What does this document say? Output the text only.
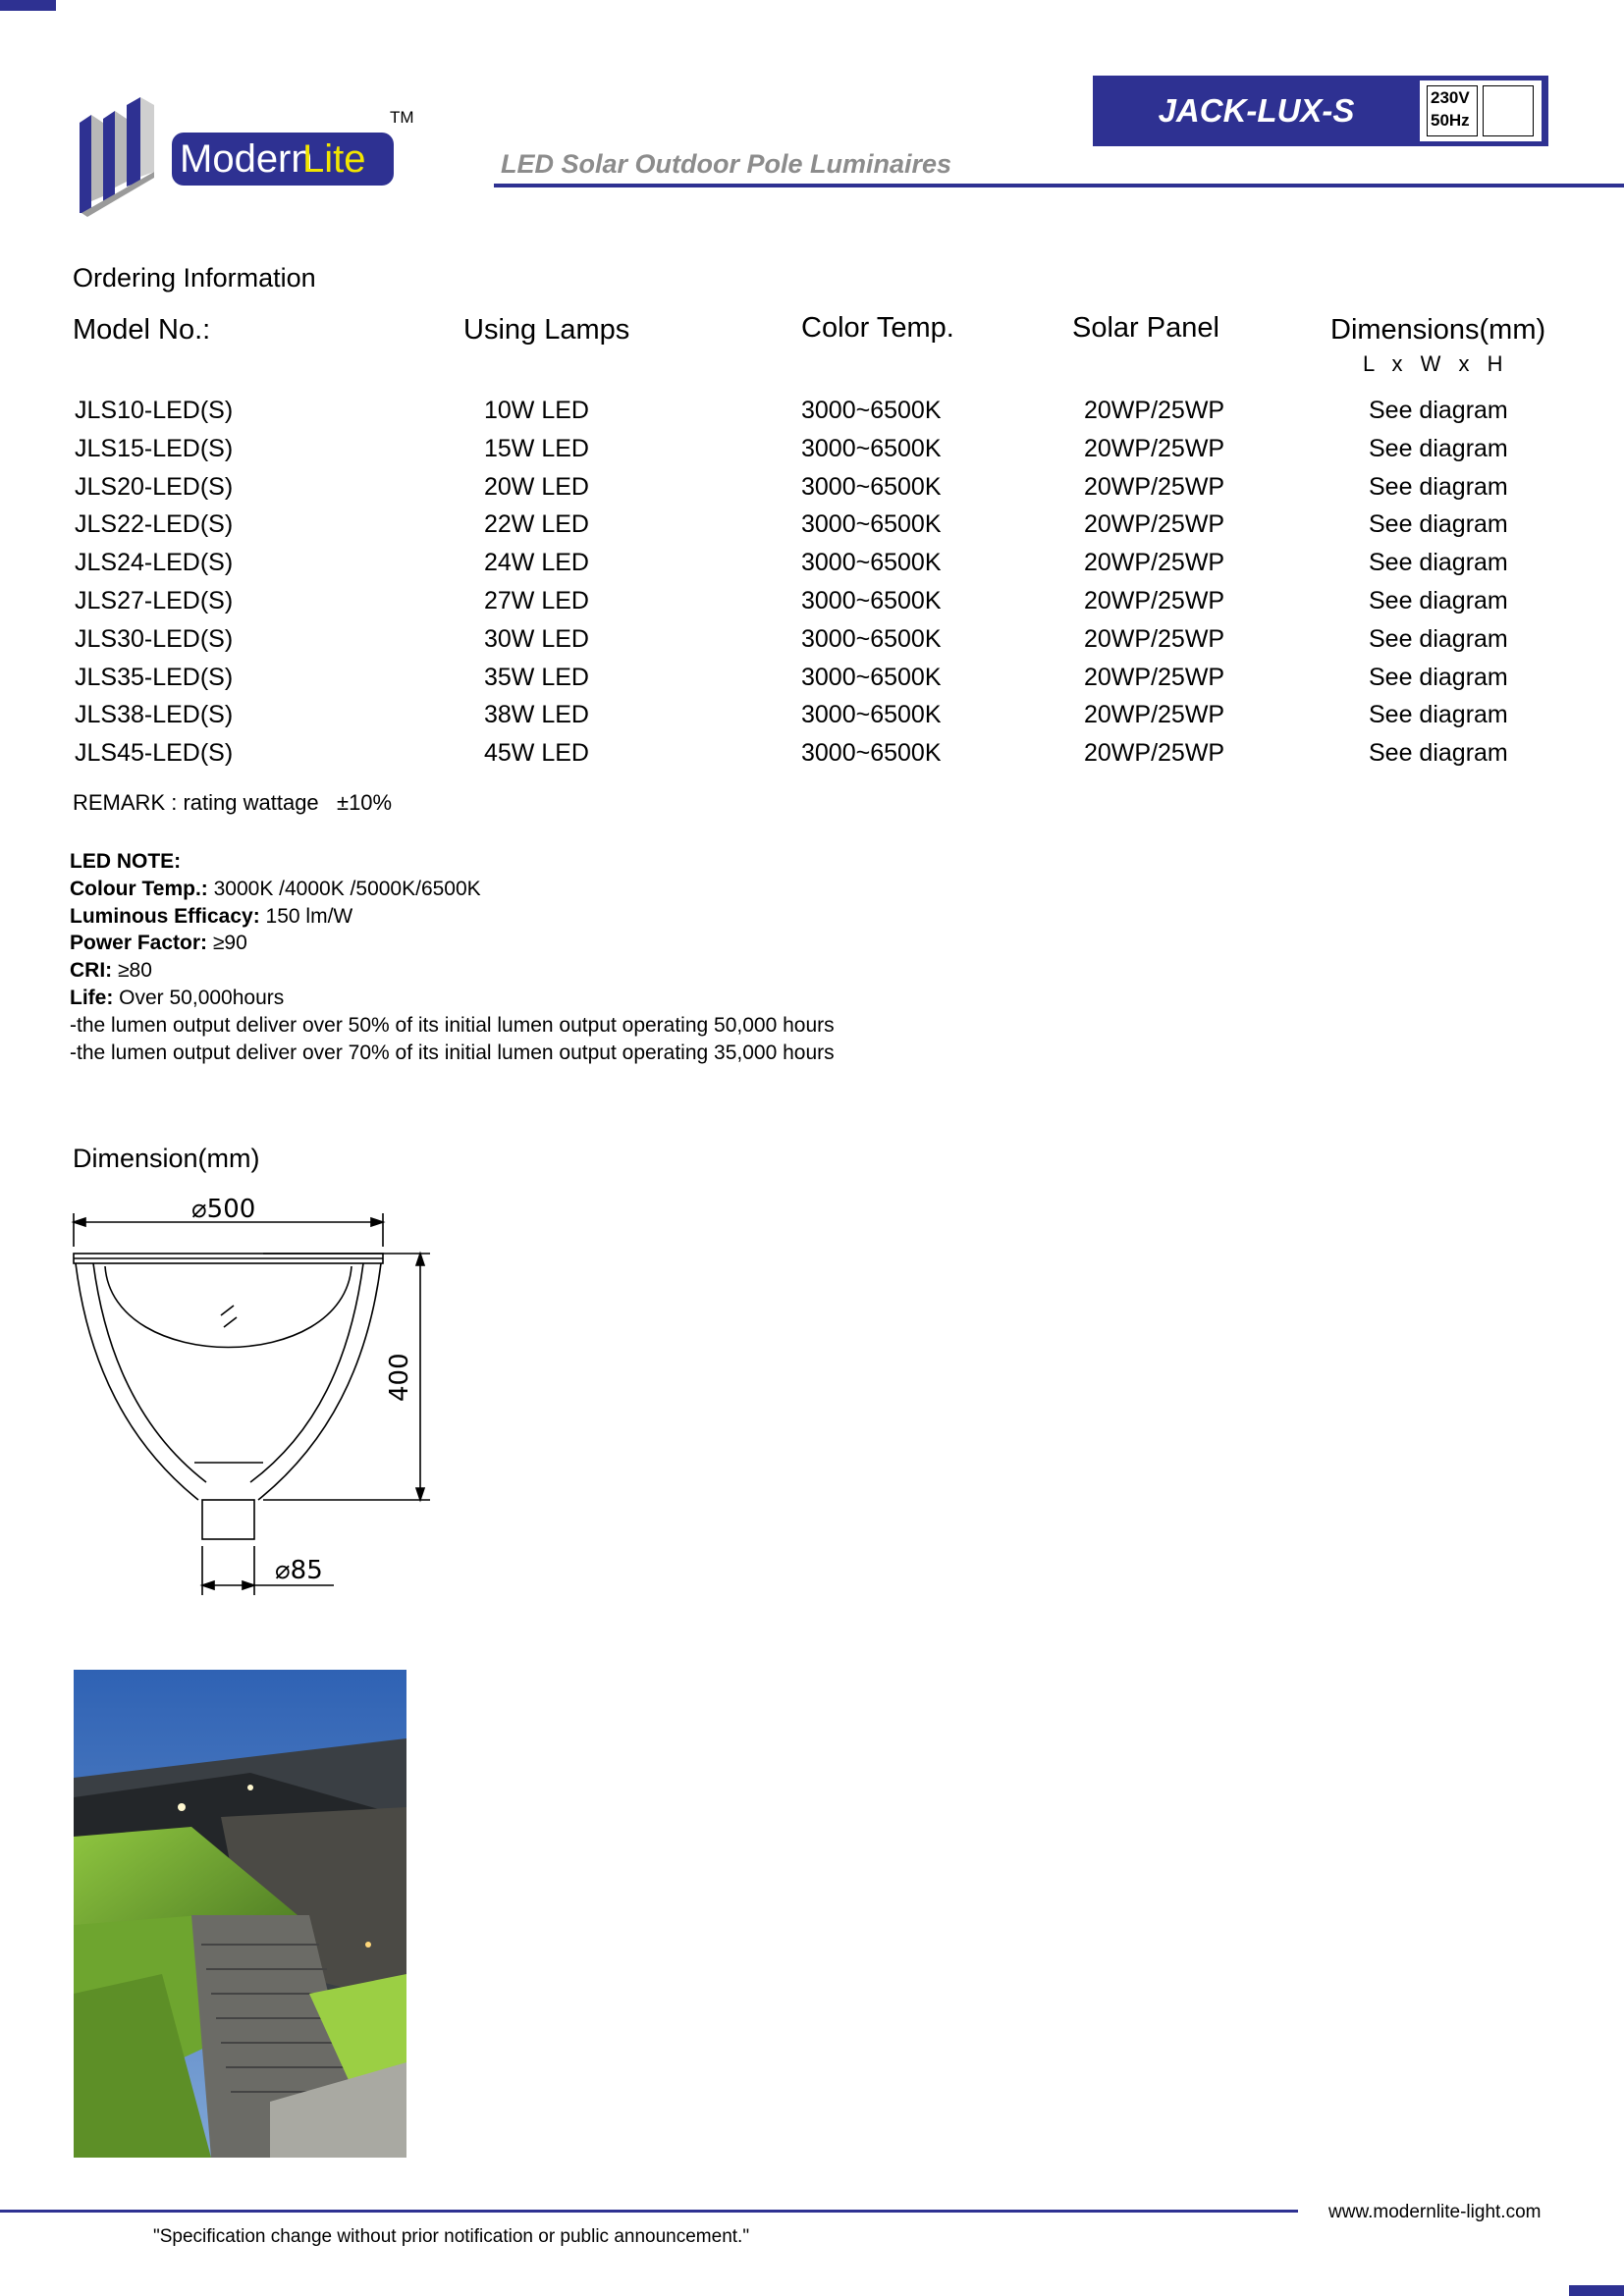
Modern
Lite
TM	JACK-LUX-S	230V
50Hz
LED Solar Outdoor Pole Luminaires
Ordering Information
Model No.:	Using Lamps	Color Temp.	Solar Panel	Dimensions(mm)
L x W x H
JLS10-LED(S)	10W LED	3000~6500K	20WP/25WP	See diagram
JLS15-LED(S)	15W LED	3000~6500K	20WP/25WP	See diagram
JLS20-LED(S)	20W LED	3000~6500K	20WP/25WP	See diagram
JLS22-LED(S)	22W LED	3000~6500K	20WP/25WP	See diagram
JLS24-LED(S)	24W LED	3000~6500K	20WP/25WP	See diagram
JLS27-LED(S)	27W LED	3000~6500K	20WP/25WP	See diagram
JLS30-LED(S)	30W LED	3000~6500K	20WP/25WP	See diagram
JLS35-LED(S)	35W LED	3000~6500K	20WP/25WP	See diagram
JLS38-LED(S)	38W LED	3000~6500K	20WP/25WP	See diagram
JLS45-LED(S)	45W LED	3000~6500K	20WP/25WP	See diagram
REMARK : rating wattage   ±10%
LED NOTE:
Colour Temp.: 3000K /4000K /5000K/6500K
Luminous Efficacy: 150 lm/W
Power Factor: ≥90
CRI: ≥80
Life: Over 50,000hours
-the lumen output deliver over 50% of its initial lumen output operating 50,000 hours
-the lumen output deliver over 70% of its initial lumen output operating 35,000 hours
Dimension(mm)
⌀500
400
⌀85
www.modernlite-light.com
"Specification change without prior notification or public announcement."
